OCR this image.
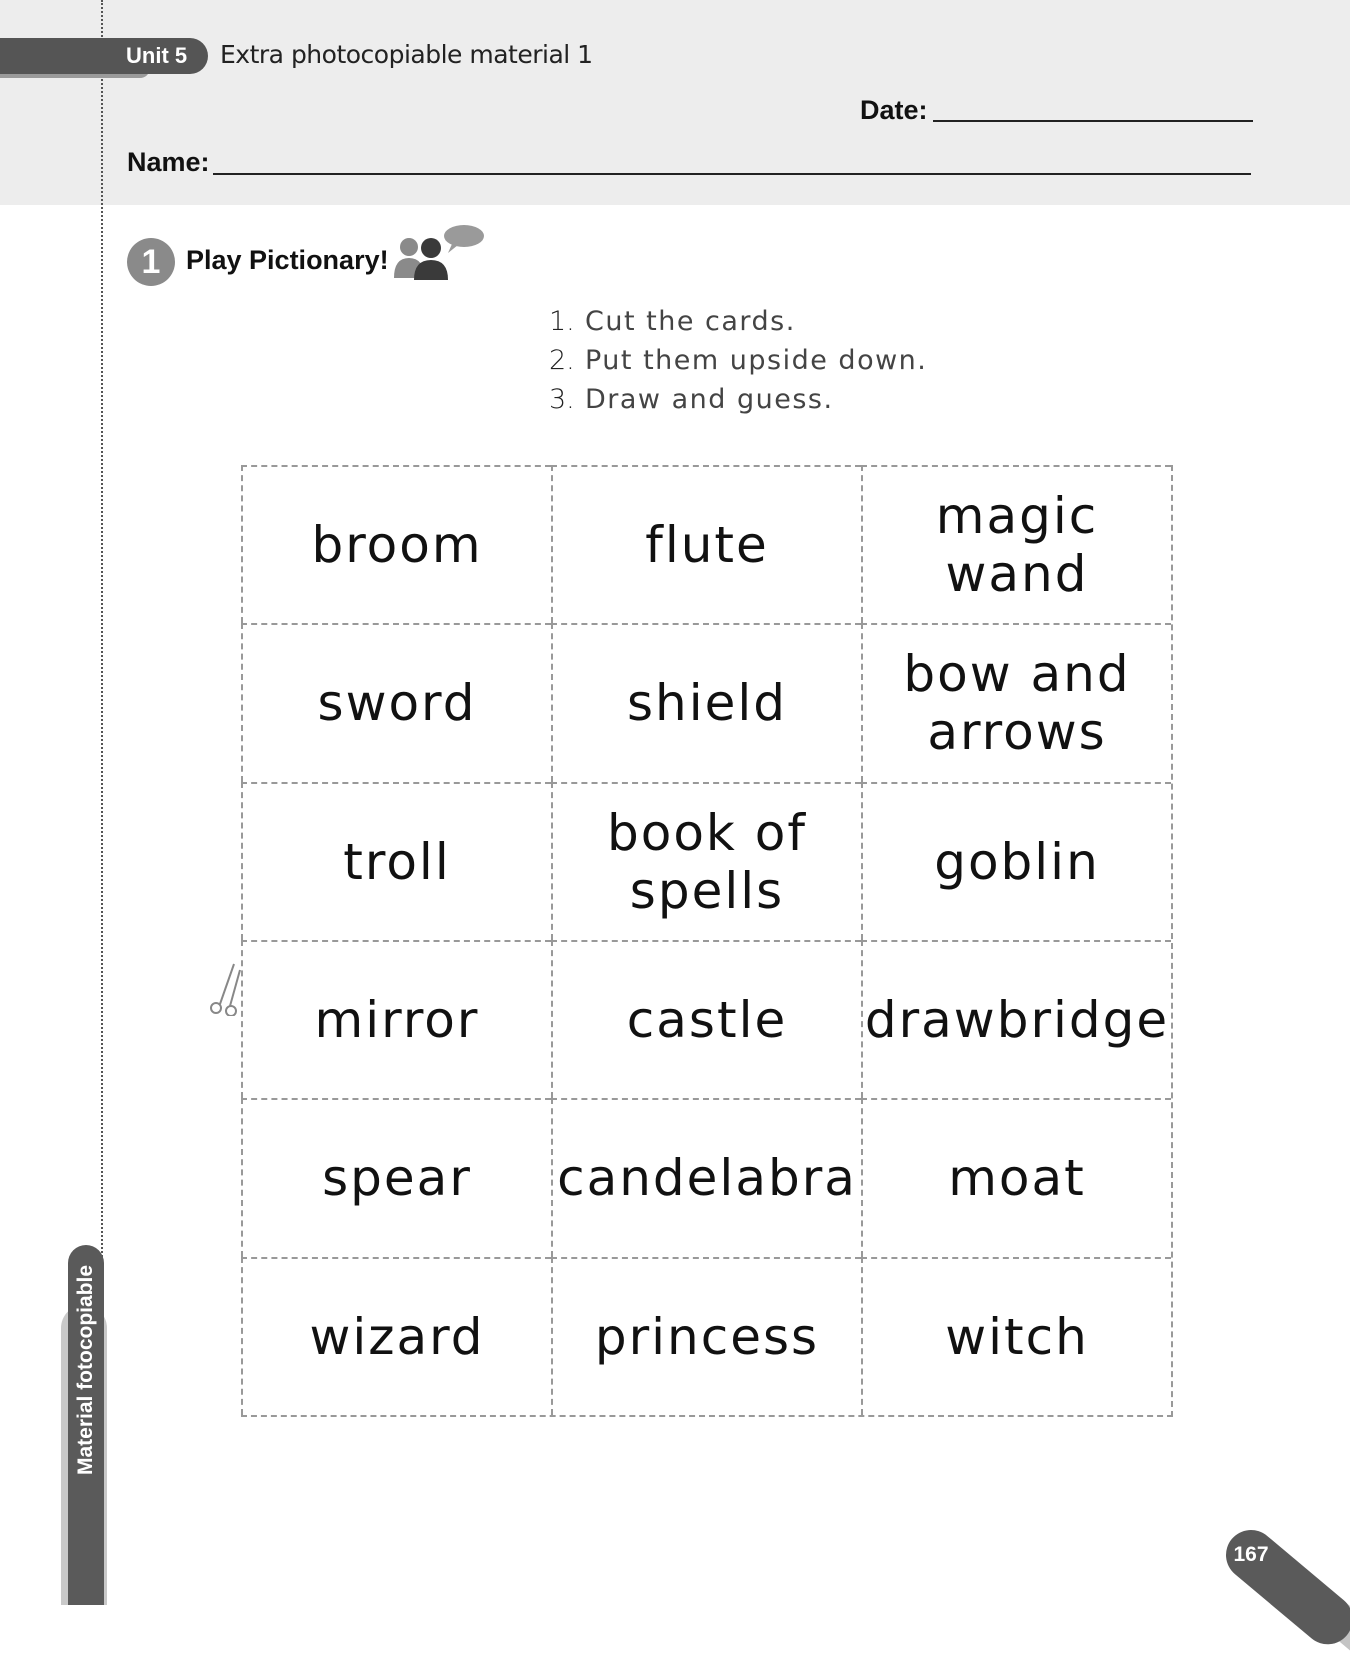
Unit 5 Extra photocopiable material 1
Date:
Name:
1 Play Pictionary!
1. Cut the cards.
2. Put them upside down.
3. Draw and guess.
broom	flute	magic wand
sword	shield	bow and arrows
troll	book of spells	goblin
mirror	castle	drawbridge
spear	candelabra	moat
wizard	princess	witch
Material fotocopiable
167
